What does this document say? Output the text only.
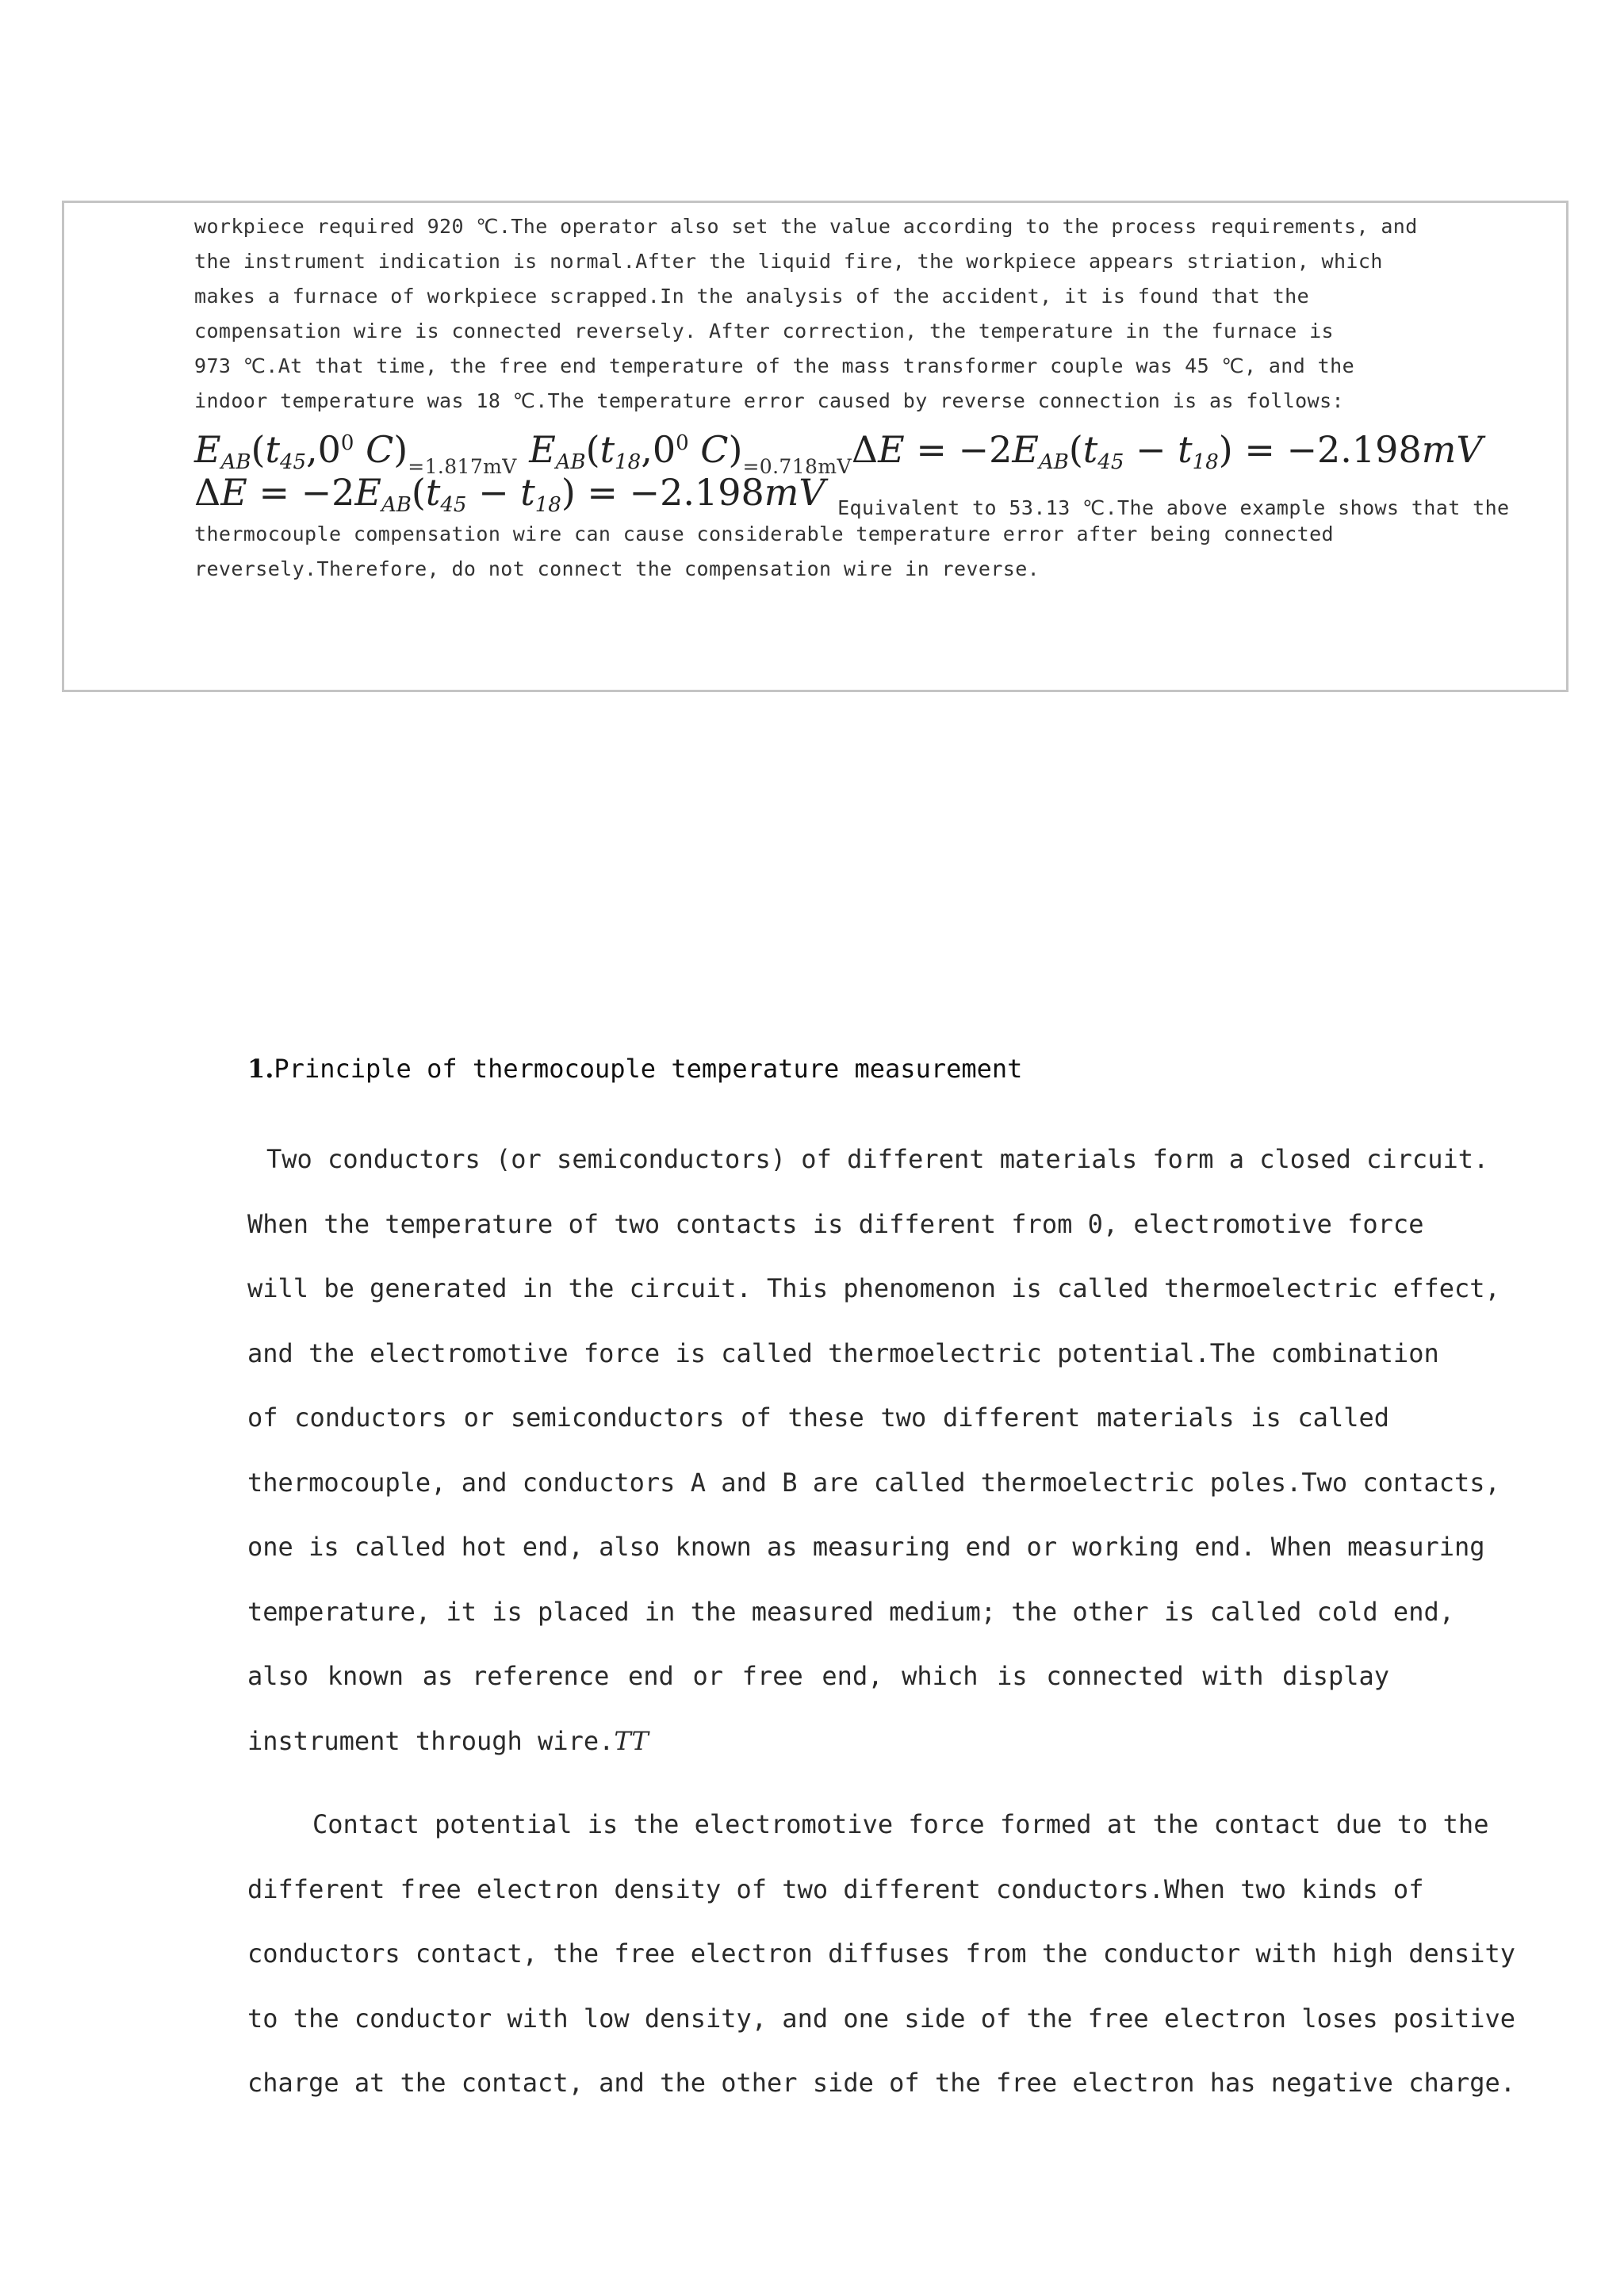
workpiece required 920 ℃.The operator also set the value according to the process requirements, and
the instrument indication is normal.After the liquid fire, the workpiece appears striation, which
makes a furnace of workpiece scrapped.In the analysis of the accident, it is found that the
compensation wire is connected reversely. After correction, the temperature in the furnace is
973 ℃.At that time, the free end temperature of the mass transformer couple was 45 ℃, and the
indoor temperature was 18 ℃.The temperature error caused by reverse connection is as follows:
$E_{AB}(t_{45},0^0$ C)=1.817mV $E_{AB}(t_{18},0^0$ $C)=0.718mV\Delta E = -2E_{AB}(t_{45} - t_{18}) = -2.198mV$
$\Delta E = -2E_{AB}(t_{45} - t_{18}) = -2.198mV$ Equivalent to 53.13 ℃.The above example shows that the
thermocouple compensation wire can cause considerable temperature error after being connected
reversely.Therefore, do not connect the compensation wire in reverse.
1.Principle of thermocouple temperature measurement
Two conductors (or semiconductors) of different materials form a closed circuit.
When the temperature of two contacts is different from 0, electromotive force
will be generated in the circuit. This phenomenon is called thermoelectric effect,
and the electromotive force is called thermoelectric potential.The combination
of conductors or semiconductors of these two different materials is called
thermocouple, and conductors A and B are called thermoelectric poles.Two contacts,
one is called hot end, also known as measuring end or working end. When measuring
temperature, it is placed in the measured medium; the other is called cold end,
also known as reference end or free end, which is connected with display
instrument through wire.TT
Contact potential is the electromotive force formed at the contact due to the
different free electron density of two different conductors.When two kinds of
conductors contact, the free electron diffuses from the conductor with high density
to the conductor with low density, and one side of the free electron loses positive
charge at the contact, and the other side of the free electron has negative charge.
